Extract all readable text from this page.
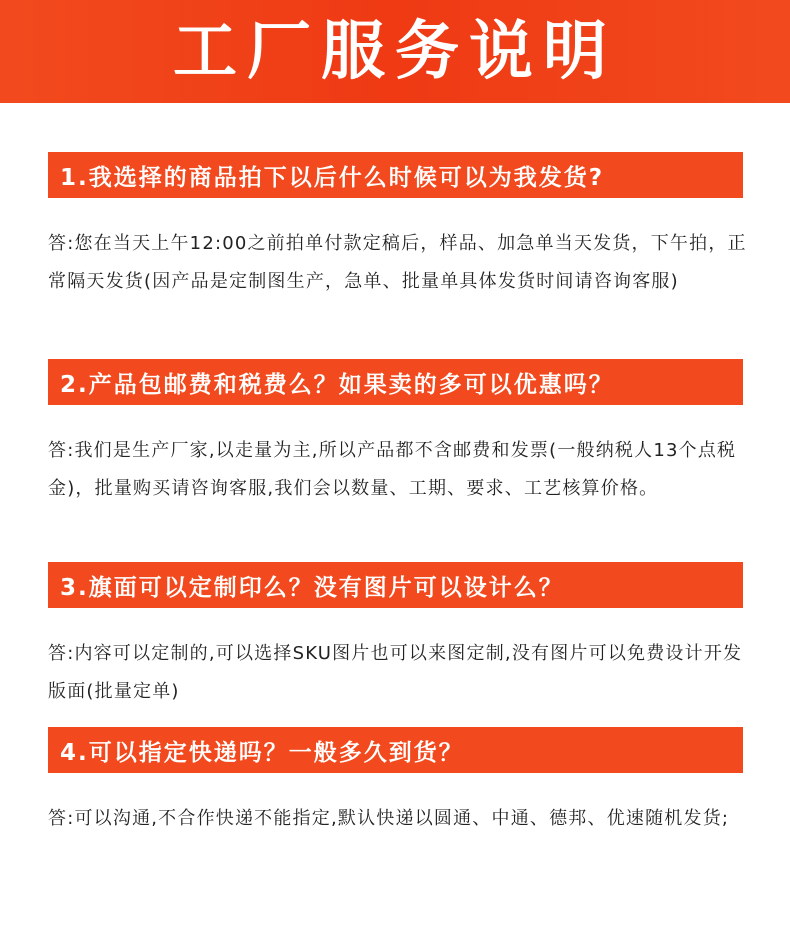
工厂服务说明
1.我选择的商品拍下以后什么时候可以为我发货?
答:您在当天上午12:00之前拍单付款定稿后，样品、加急单当天发货，下午拍，正常隔天发货(因产品是定制图生产，急单、批量单具体发货时间请咨询客服)
2.产品包邮费和税费么？如果卖的多可以优惠吗？
答:我们是生产厂家,以走量为主,所以产品都不含邮费和发票(一般纳税人13个点税金)，批量购买请咨询客服,我们会以数量、工期、要求、工艺核算价格。
3.旗面可以定制印么？没有图片可以设计么？
答:内容可以定制的,可以选择SKU图片也可以来图定制,没有图片可以免费设计开发版面(批量定单)
4.可以指定快递吗？一般多久到货？
答:可以沟通,不合作快递不能指定,默认快递以圆通、中通、德邦、优速随机发货;
